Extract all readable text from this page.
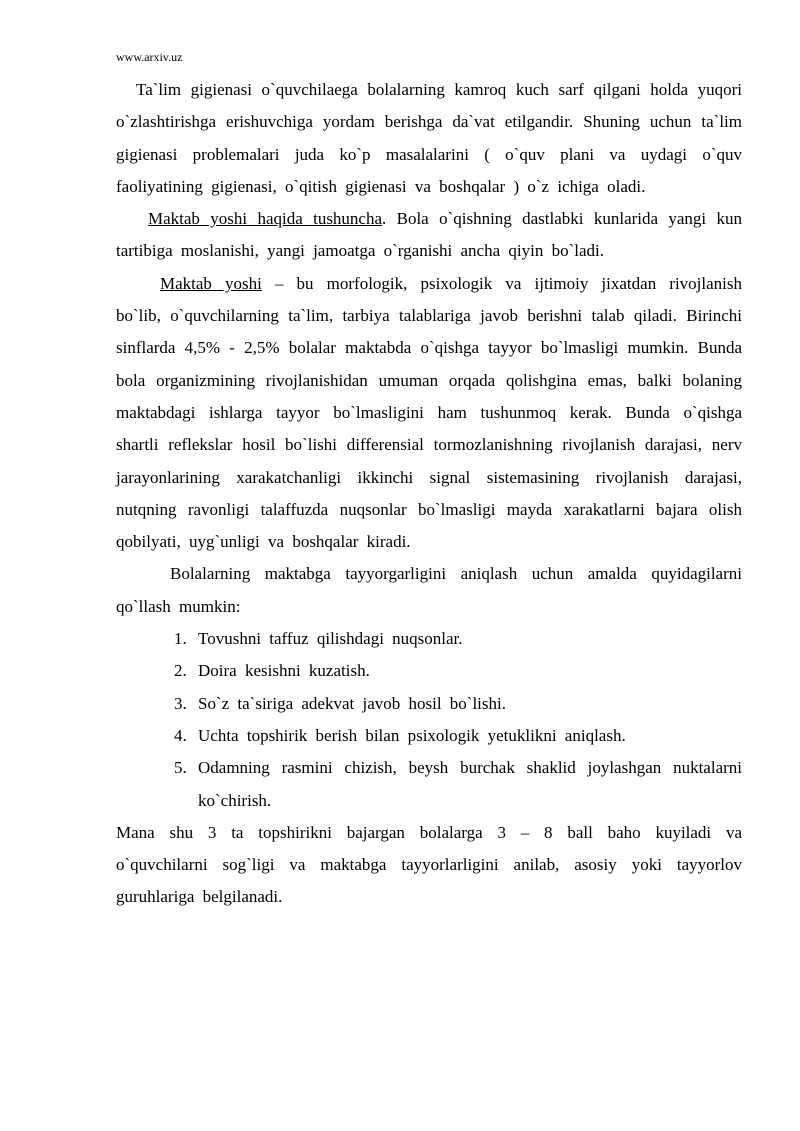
www.arxiv.uz

Ta`lim gigienasi o`quvchilaega bolalarning kamroq kuch sarf qilgani holda yuqori o`zlashtirishga erishuvchiga yordam berishga da`vat etilgandir. Shuning uchun ta`lim gigienasi problemalari juda ko`p masalalarini ( o`quv plani va uydagi o`quv faoliyatining gigienasi, o`qitish gigienasi va boshqalar ) o`z ichiga oladi.

Maktab yoshi haqida tushuncha. Bola o`qishning dastlabki kunlarida yangi kun tartibiga moslanishi, yangi jamoatga o`rganishi ancha qiyin bo`ladi.

Maktab yoshi – bu morfologik, psixologik va ijtimoiy jixatdan rivojlanish bo`lib, o`quvchilarning ta`lim, tarbiya talablariga javob berishni talab qiladi. Birinchi sinflarda 4,5% - 2,5% bolalar maktabda o`qishga tayyor bo`lmasligi mumkin. Bunda bola organizmining rivojlanishidan umuman orqada qolishgina emas, balki bolaning maktabdagi ishlarga tayyor bo`lmasligini ham tushunmoq kerak. Bunda o`qishga shartli reflekslar hosil bo`lishi differensial tormozlanishning rivojlanish darajasi, nerv jarayonlarining xarakatchanligi ikkinchi signal sistemasining rivojlanish darajasi, nutqning ravonligi talaffuzda nuqsonlar bo`lmasligi mayda xarakatlarni bajara olish qobilyati, uyg`unligi va boshqalar kiradi.

Bolalarning maktabga tayyorgarligini aniqlash uchun amalda quyidagilarni qo`llash mumkin:

1. Tovushni taffuz qilishdagi nuqsonlar.
2. Doira kesishni kuzatish.
3. So`z ta`siriga adekvat javob hosil bo`lishi.
4. Uchta topshirik berish bilan psixologik yetuklikni aniqlash.
5. Odamning rasmini chizish, beysh burchak shaklid joylashgan nuktalarni ko`chirish.

Mana shu 3 ta topshirikni bajargan bolalarga 3 – 8 ball baho kuyiladi va o`quvchilarni sog`ligi va maktabga tayyorlarligini anilab, asosiy yoki tayyorlov guruhlariga belgilanadi.
